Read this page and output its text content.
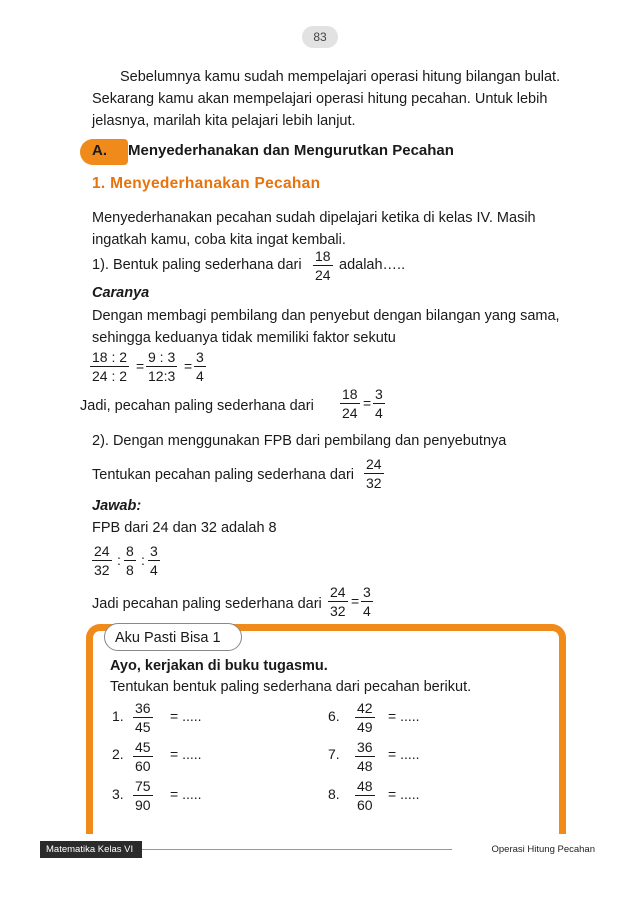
83
Sebelumnya kamu sudah mempelajari operasi hitung bilangan bulat. Sekarang kamu akan mempelajari operasi hitung pecahan. Untuk lebih jelasnya, marilah kita pelajari lebih lanjut.
A. Menyederhanakan dan Mengurutkan Pecahan
1. Menyederhanakan Pecahan
Menyederhanakan pecahan sudah dipelajari ketika di kelas IV. Masih ingatkah kamu, coba kita ingat kembali.
1). Bentuk paling sederhana dari
18
24
adalah…..
Caranya
Dengan membagi pembilang dan penyebut dengan bilangan yang sama, sehingga keduanya tidak memiliki faktor sekutu
18 : 2
24 : 2
=
9 : 3
12:3
=
3
4
Jadi, pecahan paling sederhana dari
18
24
=
3
4
2). Dengan menggunakan FPB dari pembilang dan penyebutnya
Tentukan pecahan paling sederhana dari
24
32
Jawab:
FPB dari 24 dan 32 adalah 8
24
32
:
8
8
:
3
4
Jadi pecahan paling sederhana dari
24
32
=
3
4
Aku Pasti Bisa 1
Ayo, kerjakan di buku tugasmu.
Tentukan bentuk paling sederhana dari pecahan berikut.
1. 36
45
= .....
2. 45
60
= .....
3. 75
90
= .....
6. 42
49
= .....
7. 36
48
= .....
8. 48
60
= .....
Matematika Kelas VI	Operasi Hitung Pecahan
